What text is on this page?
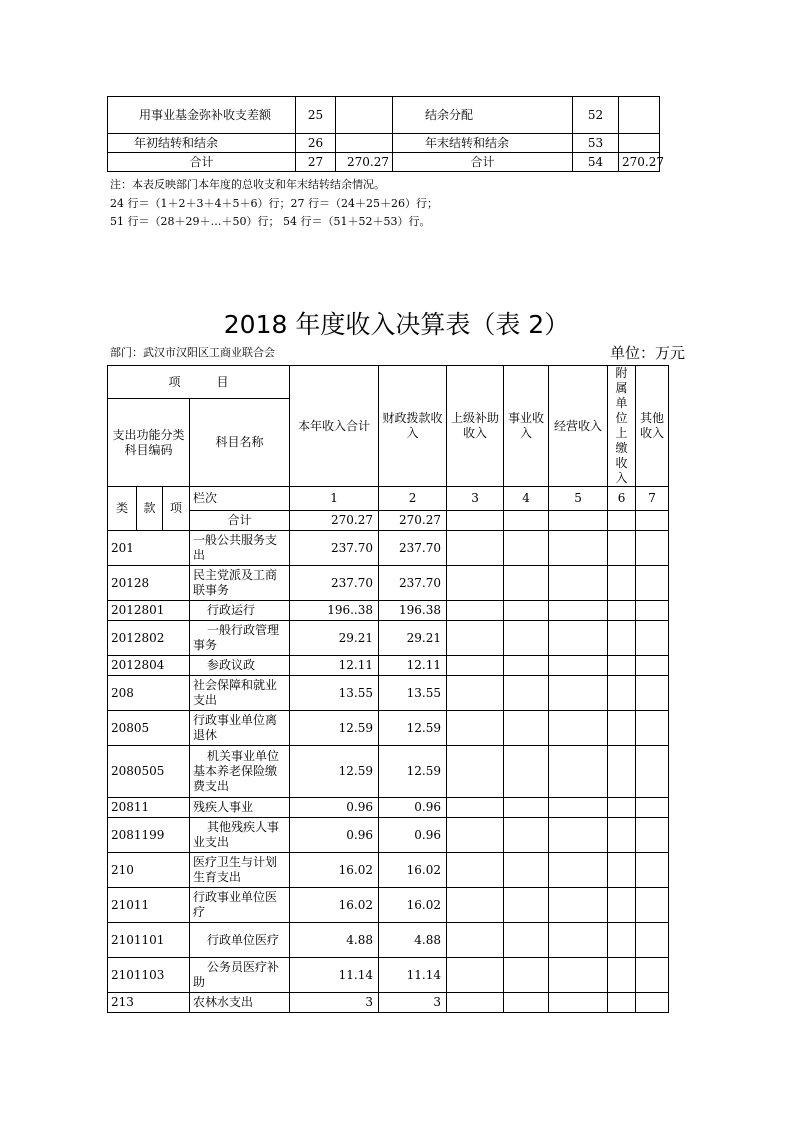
用事业基金弥补收支差额	25		结余分配	52	
年初结转和结余	26		年末结转和结余	53	
合计	27	270.27	合计	54	270.27
注：本表反映部门本年度的总收支和年末结转结余情况。
24 行＝（1＋2＋3＋4＋5＋6）行；27 行＝（24＋25＋26）行；
51 行＝（28＋29＋…＋50）行； 54 行＝（51＋52＋53）行。
2018 年度收入决算表（表 2）
部门：武汉市汉阳区工商业联合会	单位：万元
项　　　目				本年收入合计	财政拨款收入	上级补助收入	事业收入	经营收入	附属单位上缴收入	其他收入
支出功能分类科目编码			科目名称							
类	款	项	栏次	1	2	3	4	5	6	7
			合计	270.27	270.27					
201			一般公共服务支出	237.70	237.70					
20128			民主党派及工商联事务	237.70	237.70					
2012801			行政运行	196..38	196.38					
2012802			一般行政管理事务	29.21	29.21					
2012804			参政议政	12.11	12.11					
208			社会保障和就业支出	13.55	13.55					
20805			行政事业单位离退休	12.59	12.59					
2080505			机关事业单位基本养老保险缴费支出	12.59	12.59					
20811			残疾人事业	0.96	0.96					
2081199			其他残疾人事业支出	0.96	0.96					
210			医疗卫生与计划生育支出	16.02	16.02					
21011			行政事业单位医疗	16.02	16.02					
2101101			行政单位医疗	4.88	4.88					
2101103			公务员医疗补助	11.14	11.14					
213			农林水支出	3	3					
